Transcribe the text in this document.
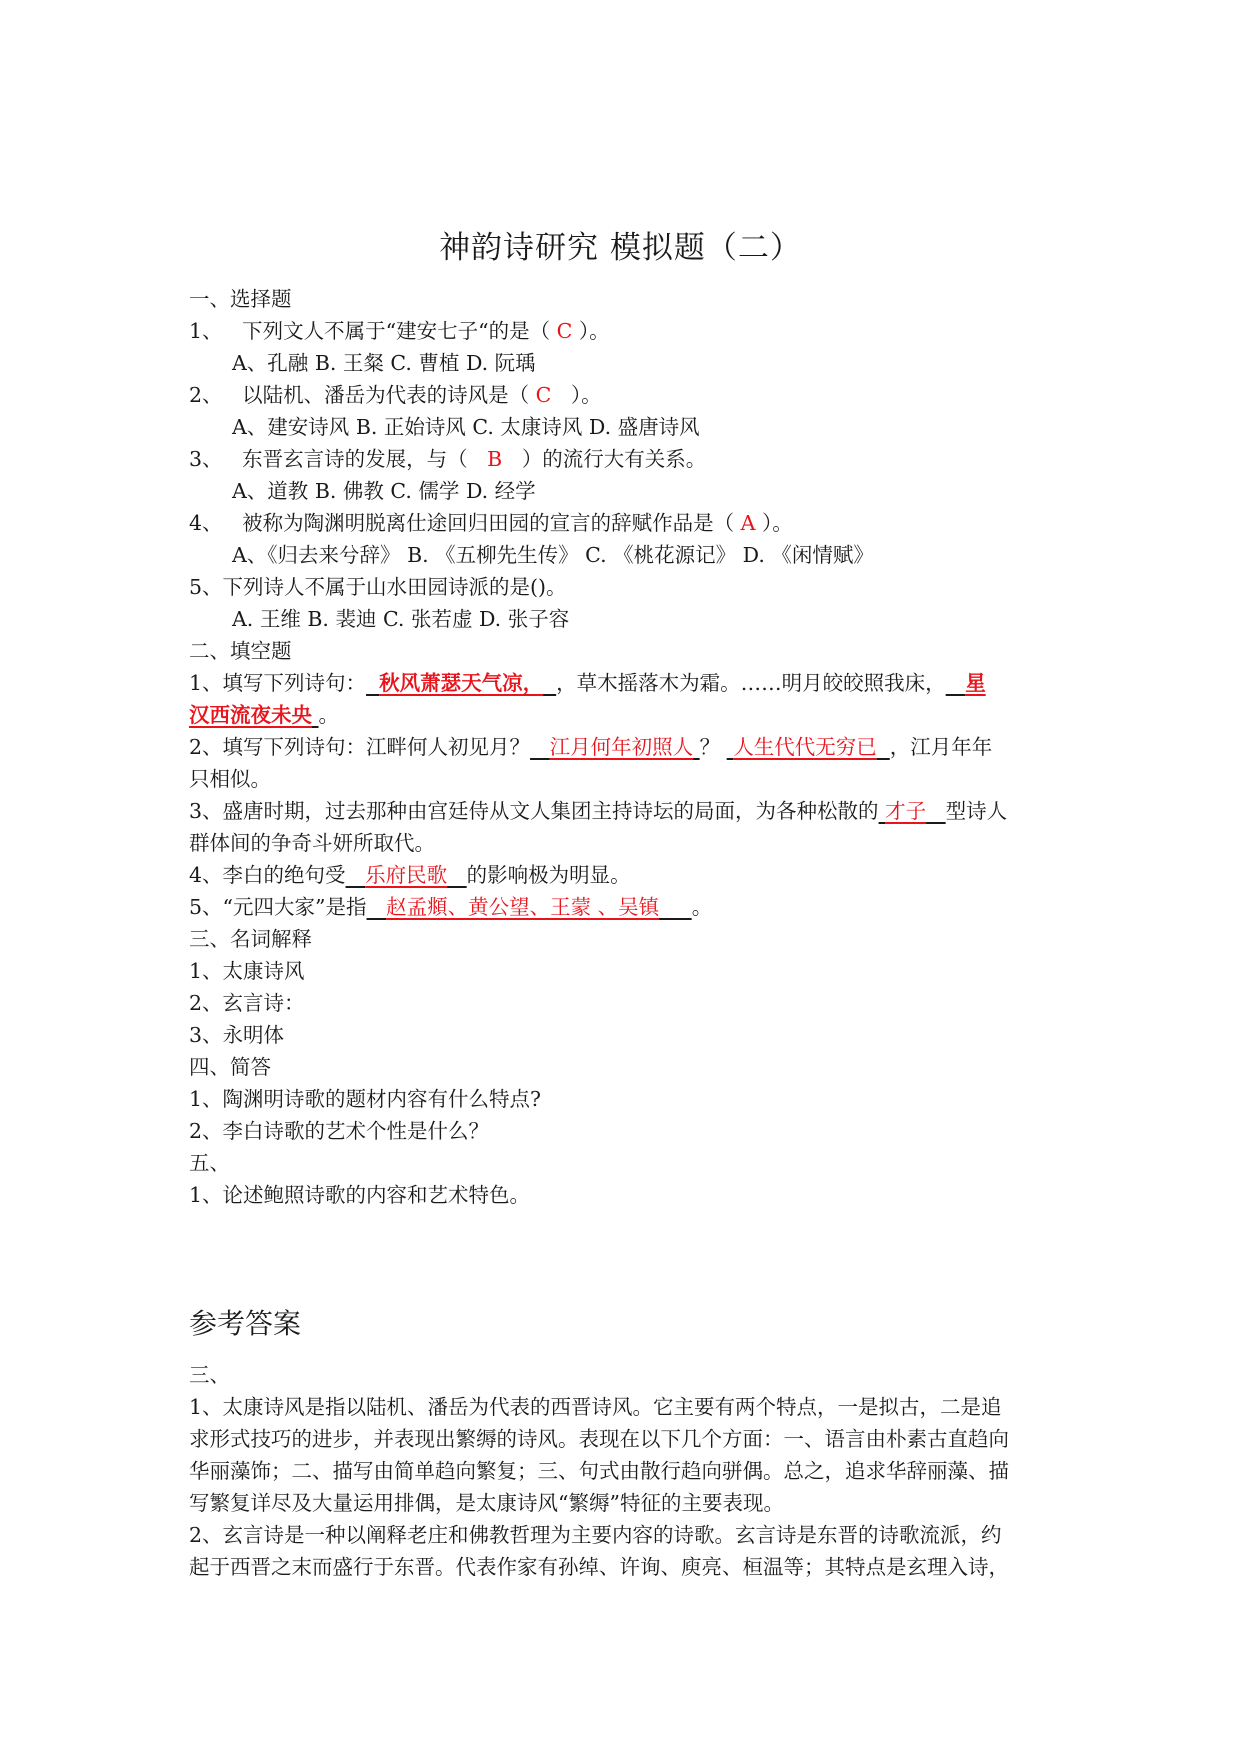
神韵诗研究 模拟题（二）
一、选择题
1、 下列文人不属于“建安七子“的是（ C ）。
A、孔融 B. 王粲 C. 曹植 D. 阮瑀
2、 以陆机、潘岳为代表的诗风是（ C ）。
A、建安诗风 B. 正始诗风 C. 太康诗风 D. 盛唐诗风
3、 东晋玄言诗的发展，与（ B ）的流行大有关系。
A、道教 B. 佛教 C. 儒学 D. 经学
4、 被称为陶渊明脱离仕途回归田园的宣言的辞赋作品是（ A ）。
A、《归去来兮辞》 B. 《五柳先生传》 C. 《桃花源记》 D. 《闲情赋》
5、下列诗人不属于山水田园诗派的是()。
A. 王维 B. 裴迪 C. 张若虚 D. 张子容
二、填空题
1、填写下列诗句： 秋风萧瑟天气凉， ，草木摇落木为霜。……明月皎皎照我床， 星
汉西流夜未央 。
2、填写下列诗句：江畔何人初见月？ 江月何年初照人 ？ 人生代代无穷已 ，江月年年
只相似。
3、盛唐时期，过去那种由宫廷侍从文人集团主持诗坛的局面，为各种松散的 才子 型诗人
群体间的争奇斗妍所取代。
4、李白的绝句受 乐府民歌 的影响极为明显。
5、“元四大家”是指 赵孟頫、黄公望、王蒙 、吴镇 。
三、名词解释
1、太康诗风
2、玄言诗：
3、永明体
四、简答
1、陶渊明诗歌的题材内容有什么特点?
2、李白诗歌的艺术个性是什么？
五、
1、论述鲍照诗歌的内容和艺术特色。
参考答案
三、
1、太康诗风是指以陆机、潘岳为代表的西晋诗风。它主要有两个特点，一是拟古，二是追
求形式技巧的进步，并表现出繁缛的诗风。表现在以下几个方面：一、语言由朴素古直趋向
华丽藻饰；二、描写由简单趋向繁复；三、句式由散行趋向骈偶。总之，追求华辞丽藻、描
写繁复详尽及大量运用排偶，是太康诗风“繁缛”特征的主要表现。
2、玄言诗是一种以阐释老庄和佛教哲理为主要内容的诗歌。玄言诗是东晋的诗歌流派，约
起于西晋之末而盛行于东晋。代表作家有孙绰、许询、庾亮、桓温等；其特点是玄理入诗，
